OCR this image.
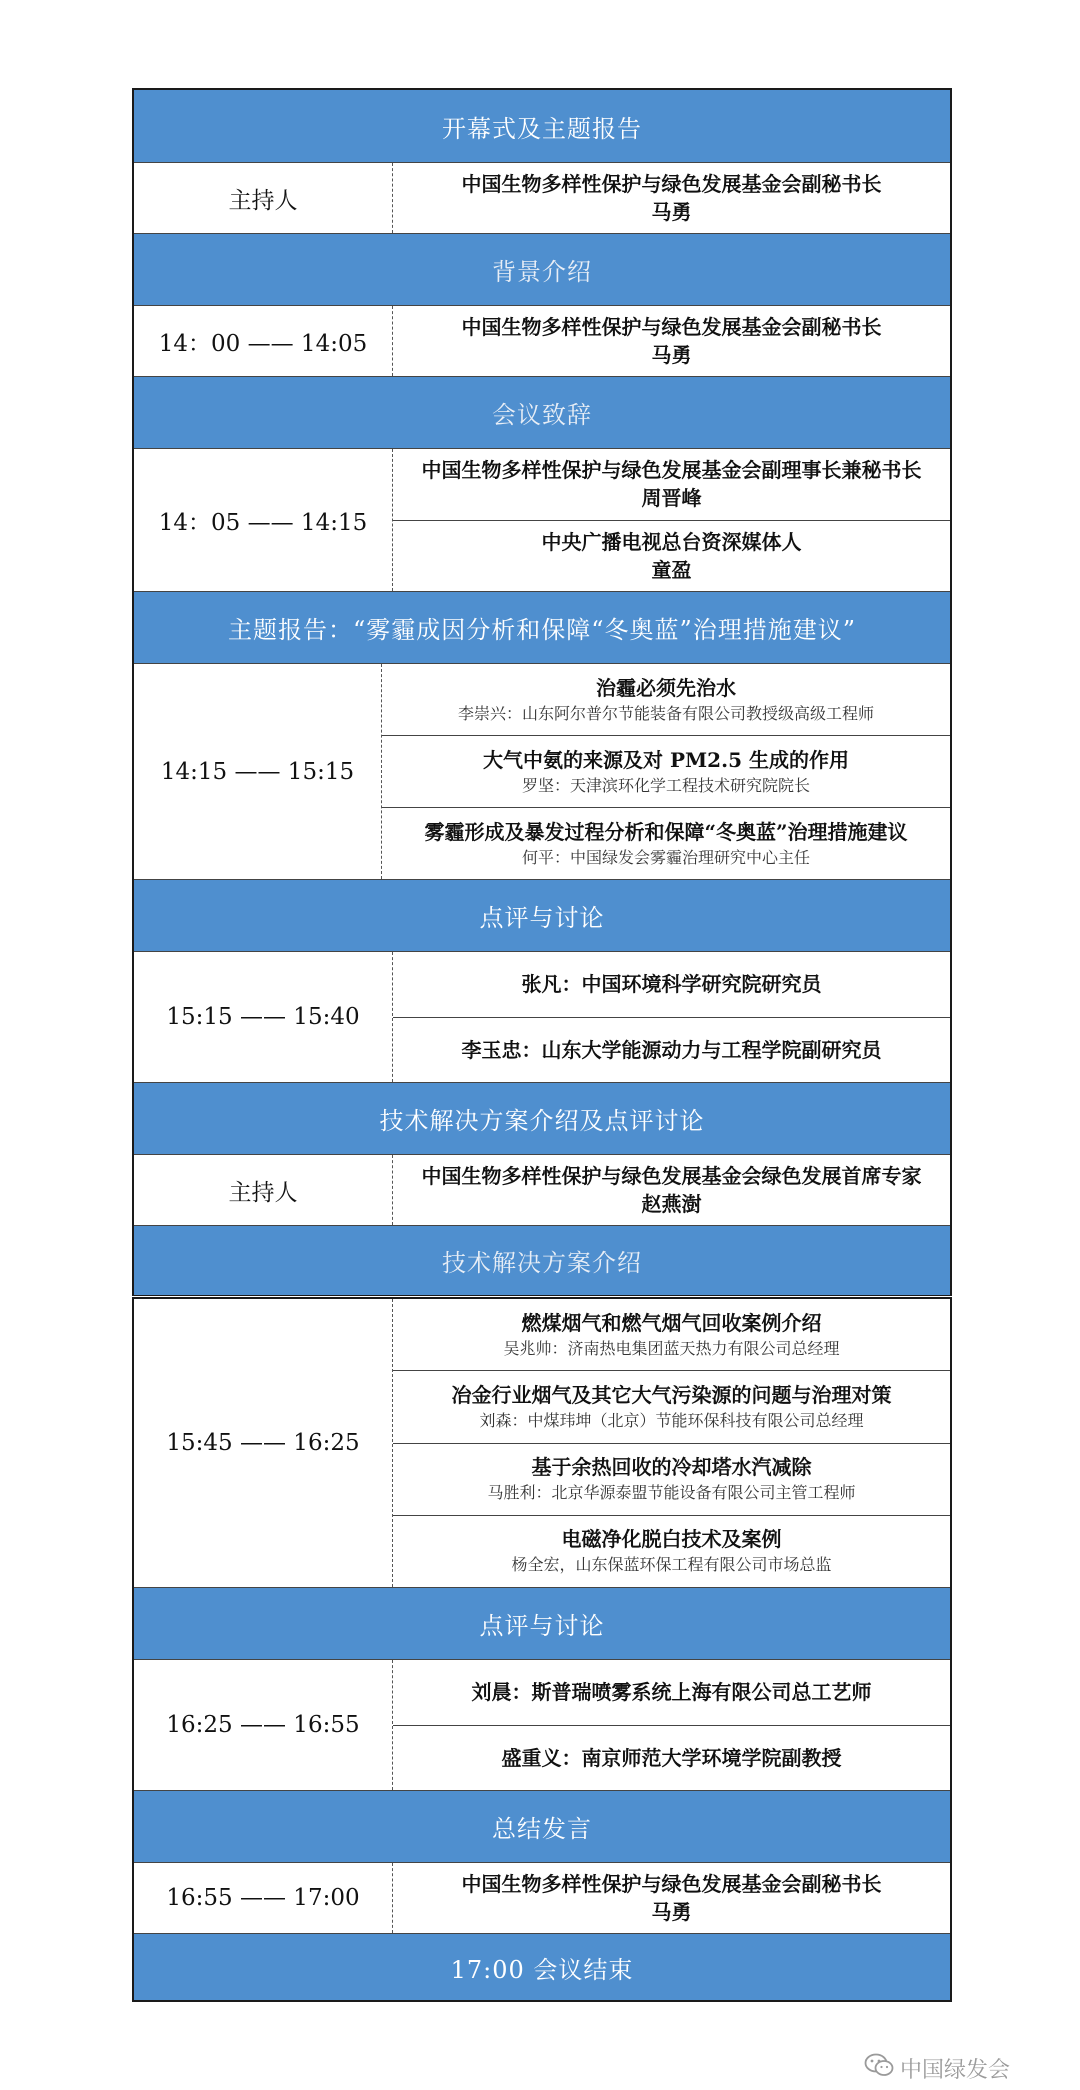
开幕式及主题报告
主持人
中国生物多样性保护与绿色发展基金会副秘书长
马勇
背景介绍
14：00 —— 14:05
中国生物多样性保护与绿色发展基金会副秘书长
马勇
会议致辞
14：05 —— 14:15
中国生物多样性保护与绿色发展基金会副理事长兼秘书长
周晋峰
中央广播电视总台资深媒体人
童盈
主题报告：“雾霾成因分析和保障“冬奥蓝”治理措施建议”
14:15 —— 15:15
治霾必须先治水
李崇兴：山东阿尔普尔节能装备有限公司教授级高级工程师
大气中氨的来源及对 PM2.5 生成的作用
罗坚：天津滨环化学工程技术研究院院长
雾霾形成及暴发过程分析和保障“冬奥蓝”治理措施建议
何平：中国绿发会雾霾治理研究中心主任
点评与讨论
15:15 —— 15:40
张凡：中国环境科学研究院研究员
李玉忠：山东大学能源动力与工程学院副研究员
技术解决方案介绍及点评讨论
主持人
中国生物多样性保护与绿色发展基金会绿色发展首席专家
赵燕澍
技术解决方案介绍
15:45 —— 16:25
燃煤烟气和燃气烟气回收案例介绍
吴兆帅：济南热电集团蓝天热力有限公司总经理
冶金行业烟气及其它大气污染源的问题与治理对策
刘森：中煤玮坤（北京）节能环保科技有限公司总经理
基于余热回收的冷却塔水汽减除
马胜利：北京华源泰盟节能设备有限公司主管工程师
电磁净化脱白技术及案例
杨全宏，山东保蓝环保工程有限公司市场总监
点评与讨论
16:25 —— 16:55
刘晨：斯普瑞喷雾系统上海有限公司总工艺师
盛重义：南京师范大学环境学院副教授
总结发言
16:55 —— 17:00
中国生物多样性保护与绿色发展基金会副秘书长
马勇
17:00 会议结束
中国绿发会
